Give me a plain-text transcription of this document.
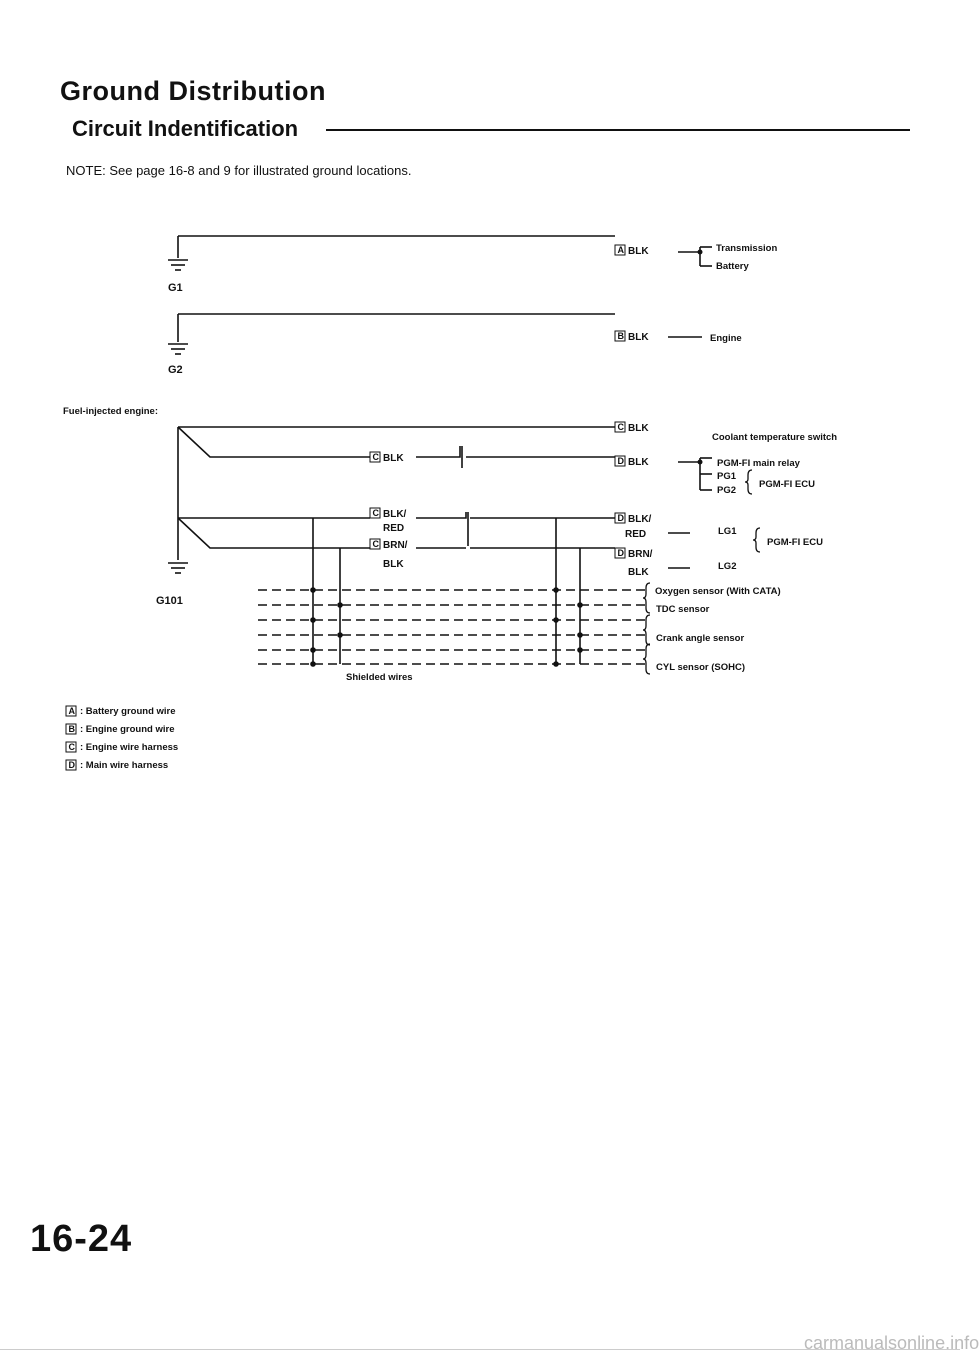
Ground Distribution
Circuit Indentification
NOTE: See page 16-8 and 9 for illustrated ground locations.
A
B
C
C
D
C
C
D
D
A
B
C
D
G1
G2
G101
Fuel-injected engine:
BLK
BLK
BLK
BLK
BLK
BLK/
RED
BRN/
BLK
BLK/
RED
BRN/
BLK
Transmission
Battery
Engine
Coolant temperature switch
PGM-FI main relay
PG1
PG2
PGM-FI ECU
LG1
LG2
PGM-FI ECU
Oxygen sensor (With CATA)
TDC sensor
Crank angle sensor
CYL sensor (SOHC)
Shielded wires
: Battery ground wire
: Engine ground wire
: Engine wire harness
: Main wire harness
16-24
carmanualsonline.info
